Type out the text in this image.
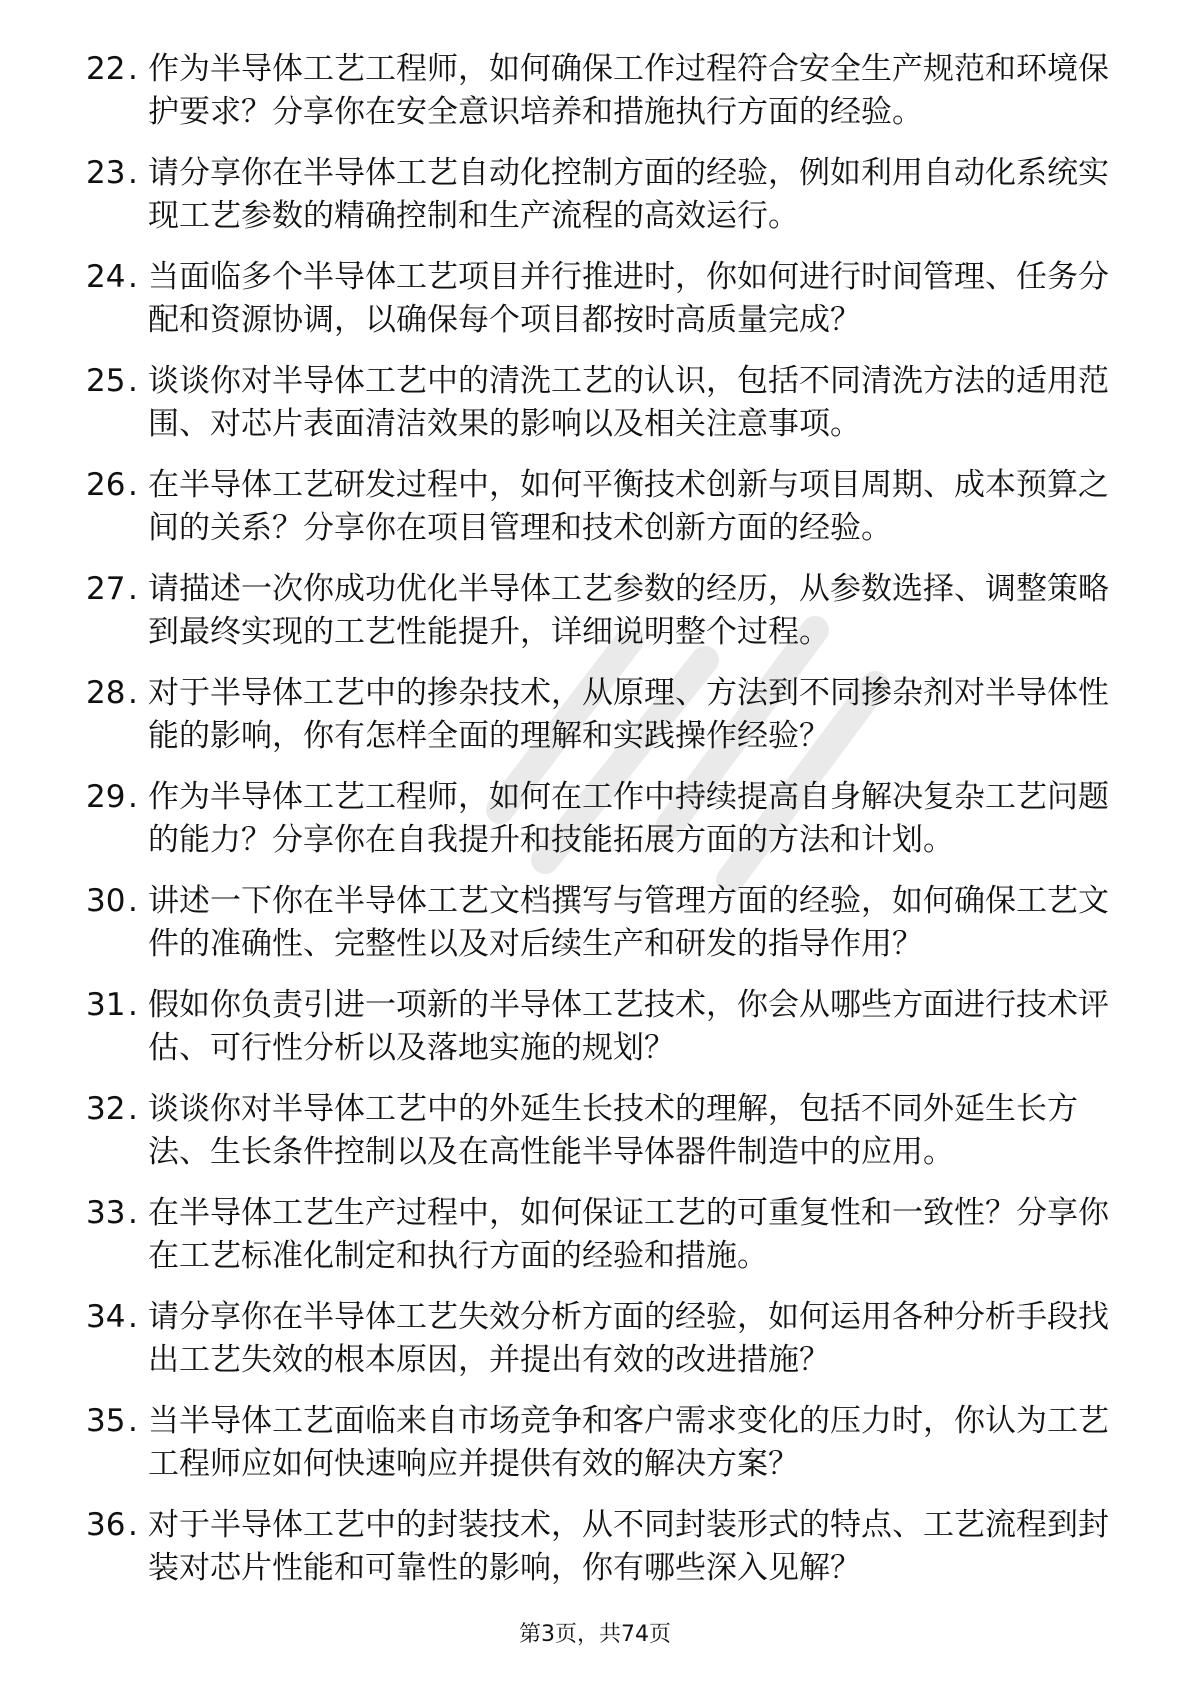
22 . 作为半导体工艺工程师，如何确保工作过程符合安全生产规范和环境保护要求？分享你在安全意识培养和措施执行方面的经验。
23 . 请分享你在半导体工艺自动化控制方面的经验，例如利用自动化系统实现工艺参数的精确控制和生产流程的高效运行。
24 . 当面临多个半导体工艺项目并行推进时，你如何进行时间管理、任务分配和资源协调，以确保每个项目都按时高质量完成？
25 . 谈谈你对半导体工艺中的清洗工艺的认识，包括不同清洗方法的适用范围、对芯片表面清洁效果的影响以及相关注意事项。
26 . 在半导体工艺研发过程中，如何平衡技术创新与项目周期、成本预算之间的关系？分享你在项目管理和技术创新方面的经验。
27 . 请描述一次你成功优化半导体工艺参数的经历，从参数选择、调整策略到最终实现的工艺性能提升，详细说明整个过程。
28 . 对于半导体工艺中的掺杂技术，从原理、方法到不同掺杂剂对半导体性能的影响，你有怎样全面的理解和实践操作经验？
29 . 作为半导体工艺工程师，如何在工作中持续提高自身解决复杂工艺问题的能力？分享你在自我提升和技能拓展方面的方法和计划。
30 . 讲述一下你在半导体工艺文档撰写与管理方面的经验，如何确保工艺文件的准确性、完整性以及对后续生产和研发的指导作用？
31 . 假如你负责引进一项新的半导体工艺技术，你会从哪些方面进行技术评估、可行性分析以及落地实施的规划？
32 . 谈谈你对半导体工艺中的外延生长技术的理解，包括不同外延生长方法、生长条件控制以及在高性能半导体器件制造中的应用。
33 . 在半导体工艺生产过程中，如何保证工艺的可重复性和一致性？分享你在工艺标准化制定和执行方面的经验和措施。
34 . 请分享你在半导体工艺失效分析方面的经验，如何运用各种分析手段找出工艺失效的根本原因，并提出有效的改进措施？
35 . 当半导体工艺面临来自市场竞争和客户需求变化的压力时，你认为工艺工程师应如何快速响应并提供有效的解决方案？
36 . 对于半导体工艺中的封装技术，从不同封装形式的特点、工艺流程到封装对芯片性能和可靠性的影响，你有哪些深入见解？
第3页，共74页
